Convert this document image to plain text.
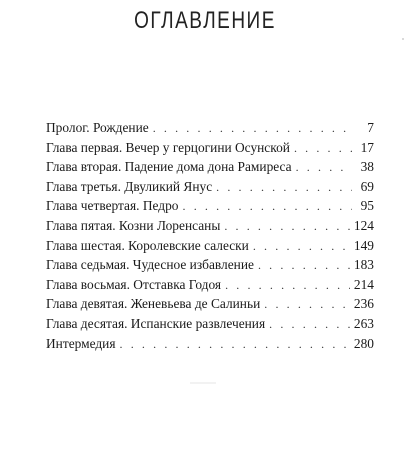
ОГЛАВЛЕНИЕ
Пролог. Рождение . . .	7
Глава первая. Вечер у герцогини Осунской . . .	17
Глава вторая. Падение дома дона Рамиреса . . .	38
Глава третья. Двуликий Янус . . .	69
Глава четвертая. Педро . . .	95
Глава пятая. Козни Лоренсаны . . .	124
Глава шестая. Королевские салески . . .	149
Глава седьмая. Чудесное избавление . . .	183
Глава восьмая. Отставка Годоя . . .	214
Глава девятая. Женевьева де Салиньи . . .	236
Глава десятая. Испанские развлечения . . .	263
Интермедия . . .	280
